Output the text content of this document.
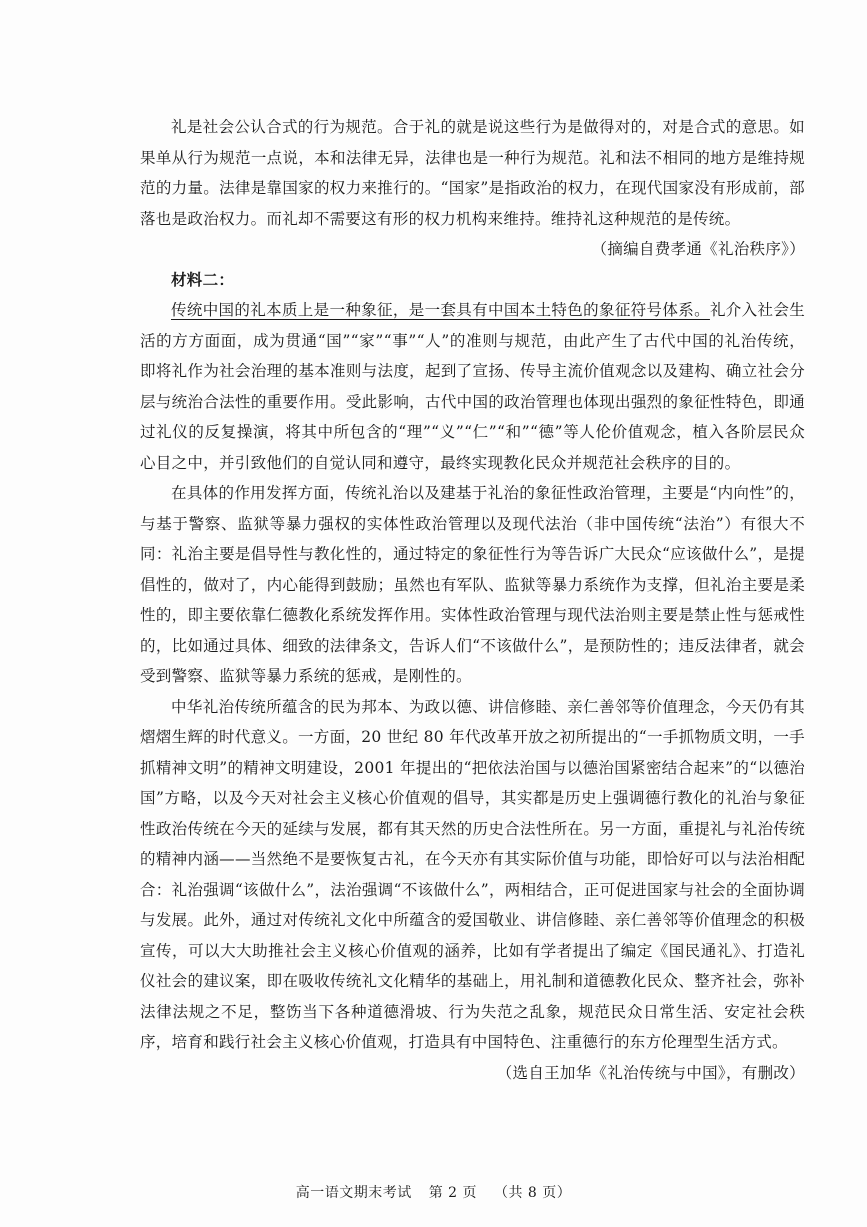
礼是社会公认合式的行为规范。合于礼的就是说这些行为是做得对的，对是合式的意思。如果单从行为规范一点说，本和法律无异，法律也是一种行为规范。礼和法不相同的地方是维持规范的力量。法律是靠国家的权力来推行的。“国家”是指政治的权力，在现代国家没有形成前，部落也是政治权力。而礼却不需要这有形的权力机构来维持。维持礼这种规范的是传统。

（摘编自费孝通《礼治秩序》）

材料二：

传统中国的礼本质上是一种象征，是一套具有中国本土特色的象征符号体系。礼介入社会生活的方方面面，成为贯通“国”“家”“事”“人”的准则与规范，由此产生了古代中国的礼治传统，即将礼作为社会治理的基本准则与法度，起到了宣扬、传导主流价值观念以及建构、确立社会分层与统治合法性的重要作用。受此影响，古代中国的政治管理也体现出强烈的象征性特色，即通过礼仪的反复操演，将其中所包含的“理”“义”“仁”“和”“德”等人伦价值观念，植入各阶层民众心目之中，并引致他们的自觉认同和遵守，最终实现教化民众并规范社会秩序的目的。

在具体的作用发挥方面，传统礼治以及建基于礼治的象征性政治管理，主要是“内向性”的，与基于警察、监狱等暴力强权的实体性政治管理以及现代法治（非中国传统“法治”）有很大不同：礼治主要是倡导性与教化性的，通过特定的象征性行为等告诉广大民众“应该做什么”，是提倡性的，做对了，内心能得到鼓励；虽然也有军队、监狱等暴力系统作为支撑，但礼治主要是柔性的，即主要依靠仁德教化系统发挥作用。实体性政治管理与现代法治则主要是禁止性与惩戒性的，比如通过具体、细致的法律条文，告诉人们“不该做什么”，是预防性的；违反法律者，就会受到警察、监狱等暴力系统的惩戒，是刚性的。

中华礼治传统所蕴含的民为邦本、为政以德、讲信修睦、亲仁善邻等价值理念，今天仍有其熠熠生辉的时代意义。一方面，20 世纪 80 年代改革开放之初所提出的“一手抓物质文明，一手抓精神文明”的精神文明建设，2001 年提出的“把依法治国与以德治国紧密结合起来”的“以德治国”方略，以及今天对社会主义核心价值观的倡导，其实都是历史上强调德行教化的礼治与象征性政治传统在今天的延续与发展，都有其天然的历史合法性所在。另一方面，重提礼与礼治传统的精神内涵——当然绝不是要恢复古礼，在今天亦有其实际价值与功能，即恰好可以与法治相配合：礼治强调“该做什么”，法治强调“不该做什么”，两相结合，正可促进国家与社会的全面协调与发展。此外，通过对传统礼文化中所蕴含的爱国敬业、讲信修睦、亲仁善邻等价值理念的积极宣传，可以大大助推社会主义核心价值观的涵养，比如有学者提出了编定《国民通礼》、打造礼仪社会的建议案，即在吸收传统礼文化精华的基础上，用礼制和道德教化民众、整齐社会，弥补法律法规之不足，整饬当下各种道德滑坡、行为失范之乱象，规范民众日常生活、安定社会秩序，培育和践行社会主义核心价值观，打造具有中国特色、注重德行的东方伦理型生活方式。

（选自王加华《礼治传统与中国》，有删改）

高一语文期末考试 第 2 页 （共 8 页）
